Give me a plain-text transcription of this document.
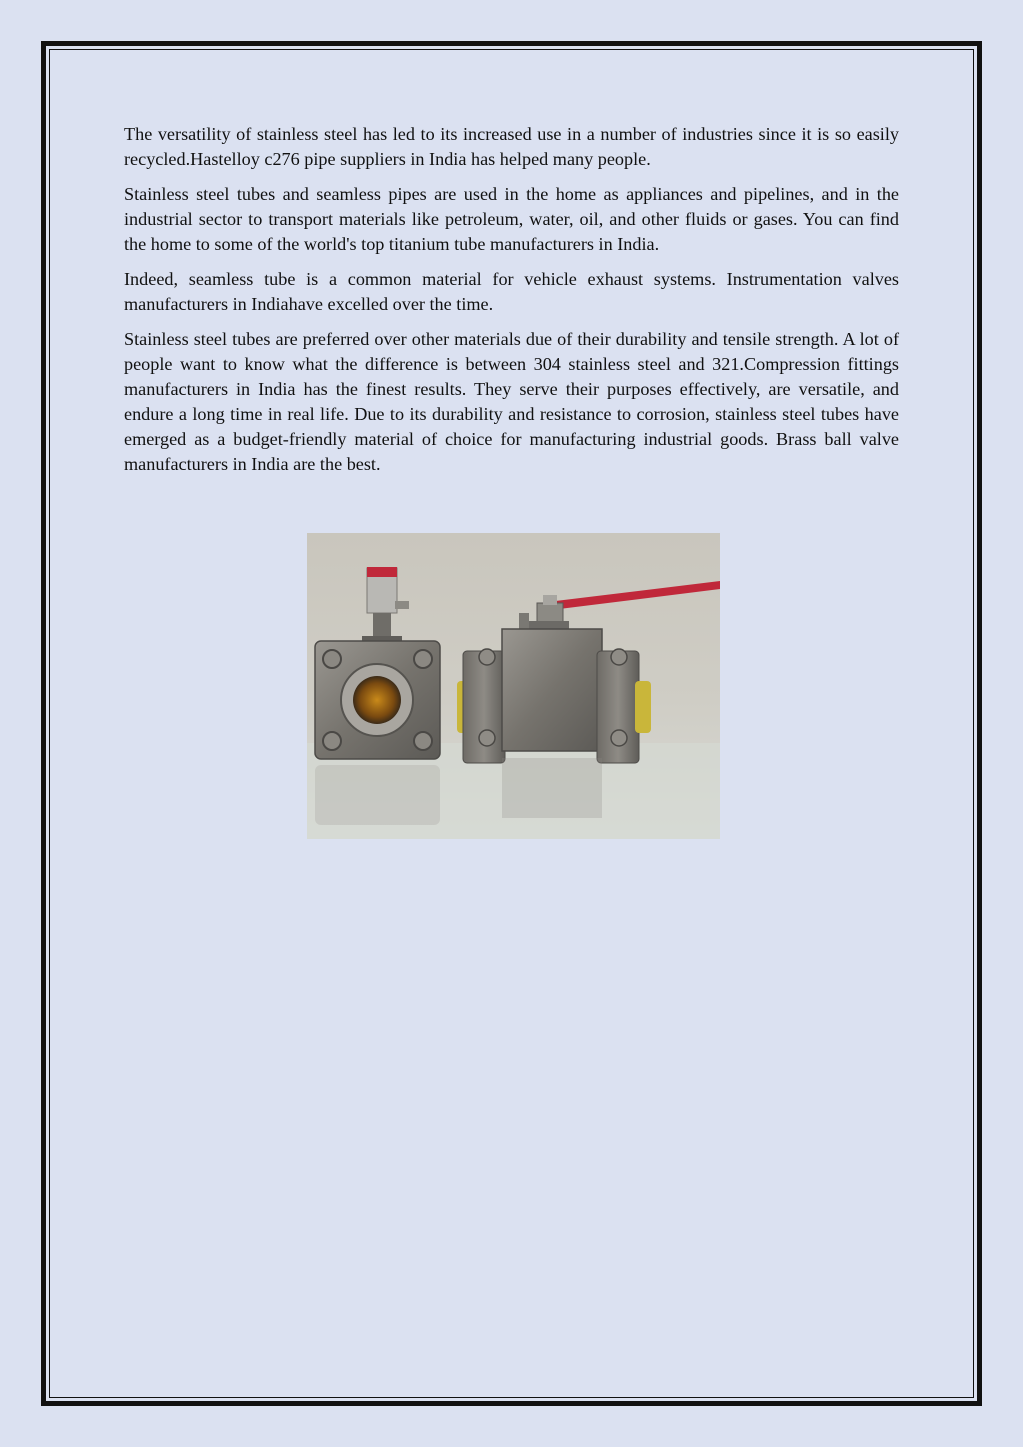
The versatility of stainless steel has led to its increased use in a number of industries since it is so easily recycled.Hastelloy c276 pipe suppliers in India has helped many people.

Stainless steel tubes and seamless pipes are used in the home as appliances and pipelines, and in the industrial sector to transport materials like petroleum, water, oil, and other fluids or gases. You can find the home to some of the world's top titanium tube manufacturers in India.

Indeed, seamless tube is a common material for vehicle exhaust systems. Instrumentation valves manufacturers in Indiahave excelled over the time.

Stainless steel tubes are preferred over other materials due of their durability and tensile strength. A lot of people want to know what the difference is between 304 stainless steel and 321.Compression fittings manufacturers in India has the finest results. They serve their purposes effectively, are versatile, and endure a long time in real life. Due to its durability and resistance to corrosion, stainless steel tubes have emerged as a budget-friendly material of choice for manufacturing industrial goods. Brass ball valve manufacturers in India are the best.
